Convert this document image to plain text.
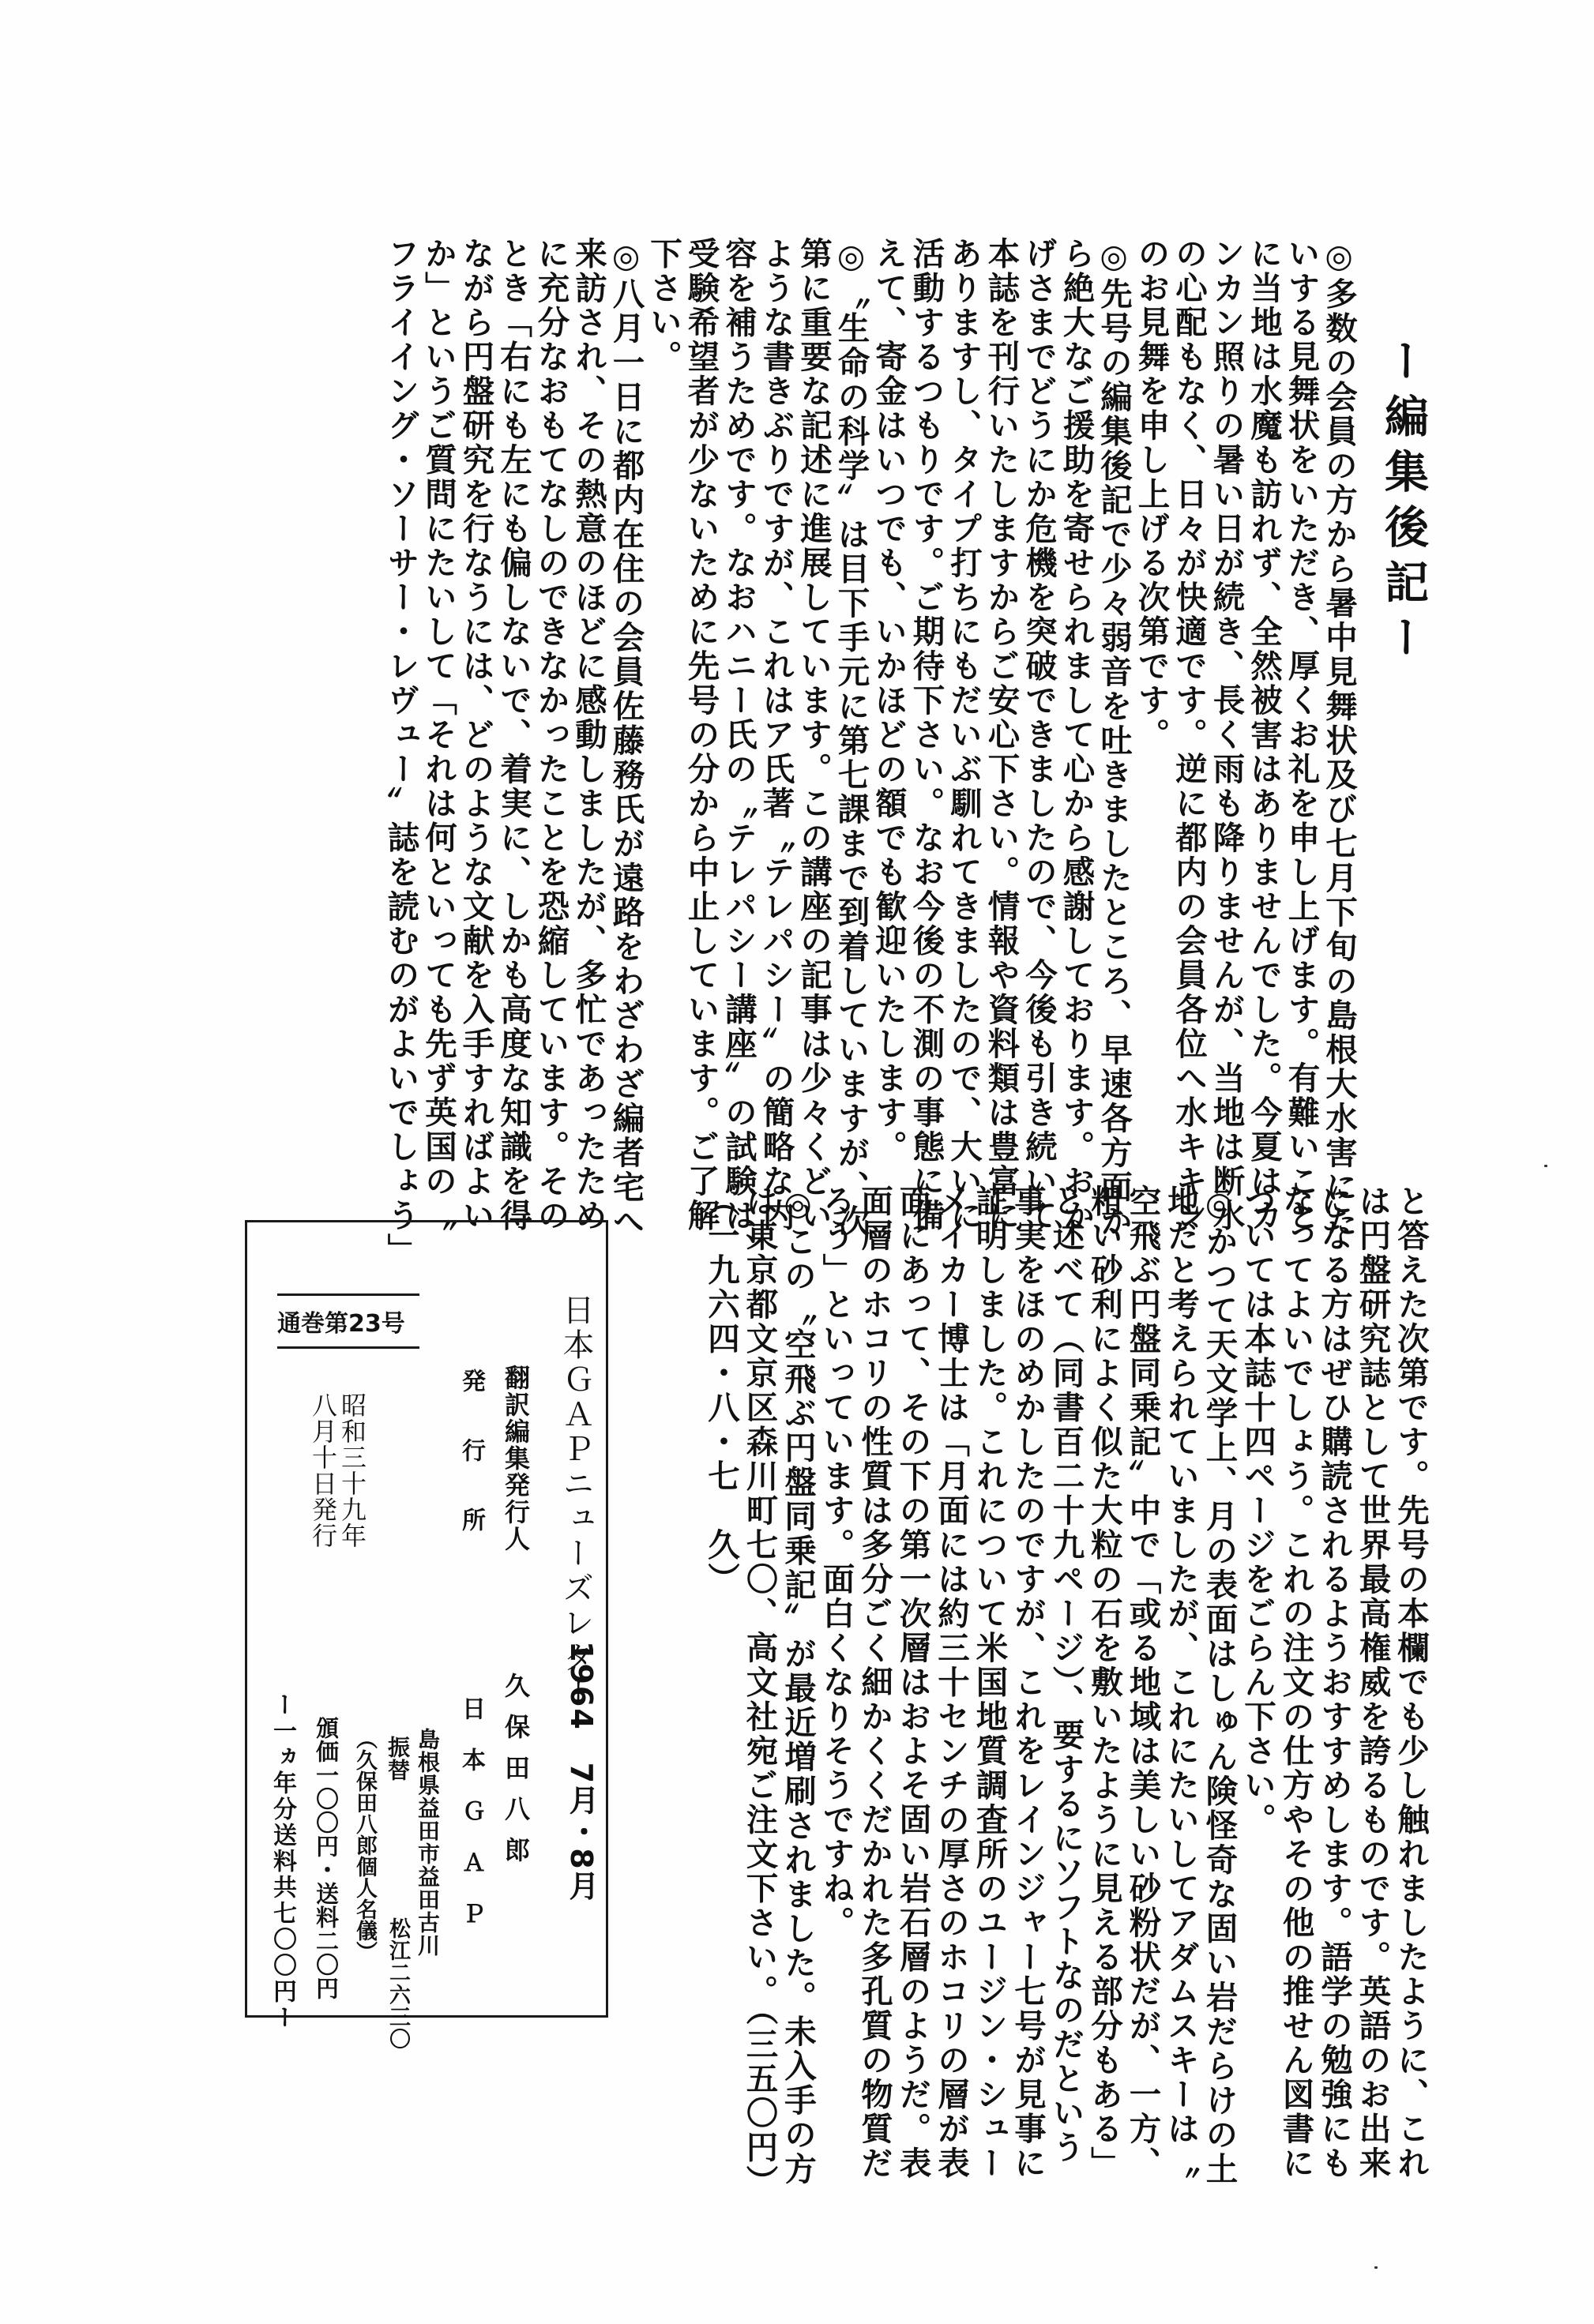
ー編集後記ー
◎多数の会員の方から暑中見舞状及び七月下旬の島根大水害にた
いする見舞状をいただき、厚くお礼を申し上げます。有難いこと
に当地は水魔も訪れず、全然被害はありませんでした。今夏はカ
ンカン照りの暑い日が続き、長く雨も降りませんが、当地は断水
の心配もなく、日々が快適です。逆に都内の会員各位へ水キキン
のお見舞を申し上げる次第です。
◎先号の編集後記で少々弱音を吐きましたところ、早速各方面か
ら絶大なご援助を寄せられまして心から感謝しております。おか
げさまでどうにか危機を突破できましたので、今後も引き続いて
本誌を刊行いたしますからご安心下さい。情報や資料類は豊富に
ありますし、タイプ打ちにもだいぶ馴れてきましたので、大いに
活動するつもりです。ご期待下さい。なお今後の不測の事態に備
えて、寄金はいつでも、いかほどの額でも歓迎いたします。
◎〝生命の科学〟は目下手元に第七課まで到着していますが、次
第に重要な記述に進展しています。この講座の記事は少々くどい
ような書きぶりですが、これはア氏著〝テレパシー〟の簡略な内
容を補うためです。なおハニー氏の〝テレパシー講座〟の試験は、
受験希望者が少ないために先号の分から中止しています。ご了解
下さい。
◎八月一日に都内在住の会員佐藤務氏が遠路をわざわざ編者宅へ
来訪され、その熱意のほどに感動しましたが、多忙であったため
に充分なおもてなしのできなかったことを恐縮しています。その
とき「右にも左にも偏しないで、着実に、しかも高度な知識を得
ながら円盤研究を行なうには、どのような文献を入手すればよい
か」というご質問にたいして「それは何といっても先ず英国の〝
フライイング・ソーサー・レヴュー〟誌を読むのがよいでしょう」
と答えた次第です。先号の本欄でも少し触れましたように、これ
は円盤研究誌として世界最高権威を誇るものです。英語のお出来
になる方はぜひ購読されるようおすすめします。語学の勉強にも
なってよいでしょう。これの注文の仕方やその他の推せん図書に
ついては本誌十四ページをごらん下さい。
◎かつて天文学上、月の表面はしゅん険怪奇な固い岩だらけの土
地だと考えられていましたが、これにたいしてアダムスキーは〝
空飛ぶ円盤同乗記〟中で「或る地域は美しい砂粉状だが、一方、
粗い砂利によく似た大粒の石を敷いたように見える部分もある」
と述べて（同書百二十九ページ）、要するにソフトなのだという
事実をほのめかしたのですが、これをレインジャー七号が見事に
証明しました。これについて米国地質調査所のユージン・シュー
メイカー博士は「月面には約三十センチの厚さのホコリの層が表
面にあって、その下の第一次層はおよそ固い岩石層のようだ。表
面層のホコリの性質は多分ごく細かくくだかれた多孔質の物質だ
ろう」といっています。面白くなりそうですね。
◎この〝空飛ぶ円盤同乗記〟が最近増刷されました。未入手の方
は東京都文京区森川町七〇、高文社宛ご注文下さい。（三五〇円）
（一九六四・八・七　久）
日本ＧＡＰニューズレター
翻訳編集発行人
発行所
1964　7月・8月
久保田八郎
日本ＧＡＰ
島根県益田市益田古川
振替
松江二六三〇
（久保田八郎個人名儀）
頒価一〇〇円・送料二〇円
ー一ヵ年分送料共七〇〇円ー
通巻第23号
昭和三十九年
八月十日発行
